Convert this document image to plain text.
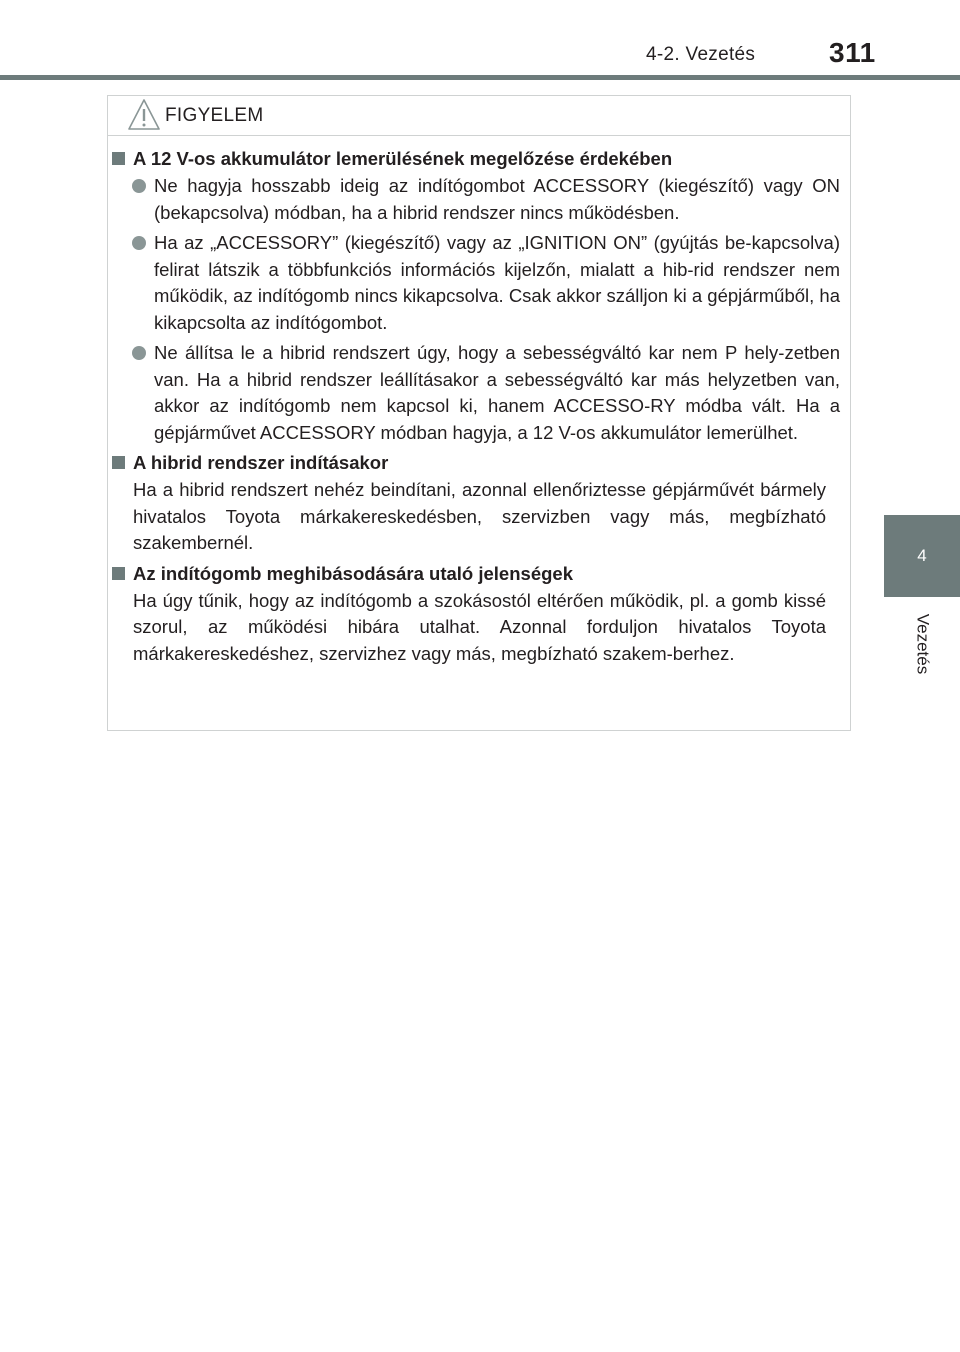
4-2. Vezetés	311
4
Vezetés
FIGYELEM
A 12 V-os akkumulátor lemerülésének megelőzése érdekében
Ne hagyja hosszabb ideig az indítógombot ACCESSORY (kiegészítő) vagy ON (bekapcsolva) módban, ha a hibrid rendszer nincs működésben.
Ha az „ACCESSORY” (kiegészítő) vagy az „IGNITION ON” (gyújtás be-kapcsolva) felirat látszik a többfunkciós információs kijelzőn, mialatt a hib-rid rendszer nem működik, az indítógomb nincs kikapcsolva. Csak akkor szálljon ki a gépjárműből, ha kikapcsolta az indítógombot.
Ne állítsa le a hibrid rendszert úgy, hogy a sebességváltó kar nem P hely-zetben van. Ha a hibrid rendszer leállításakor a sebességváltó kar más helyzetben van, akkor az indítógomb nem kapcsol ki, hanem ACCESSO-RY módba vált. Ha a gépjárművet ACCESSORY módban hagyja, a 12 V-os akkumulátor lemerülhet.
A hibrid rendszer indításakor
Ha a hibrid rendszert nehéz beindítani, azonnal ellenőriztesse gépjárművét bármely hivatalos Toyota márkakereskedésben, szervizben vagy más, megbízható szakembernél.
Az indítógomb meghibásodására utaló jelenségek
Ha úgy tűnik, hogy az indítógomb a szokásostól eltérően működik, pl. a gomb kissé szorul, az működési hibára utalhat. Azonnal forduljon hivatalos Toyota márkakereskedéshez, szervizhez vagy más, megbízható szakem-berhez.
